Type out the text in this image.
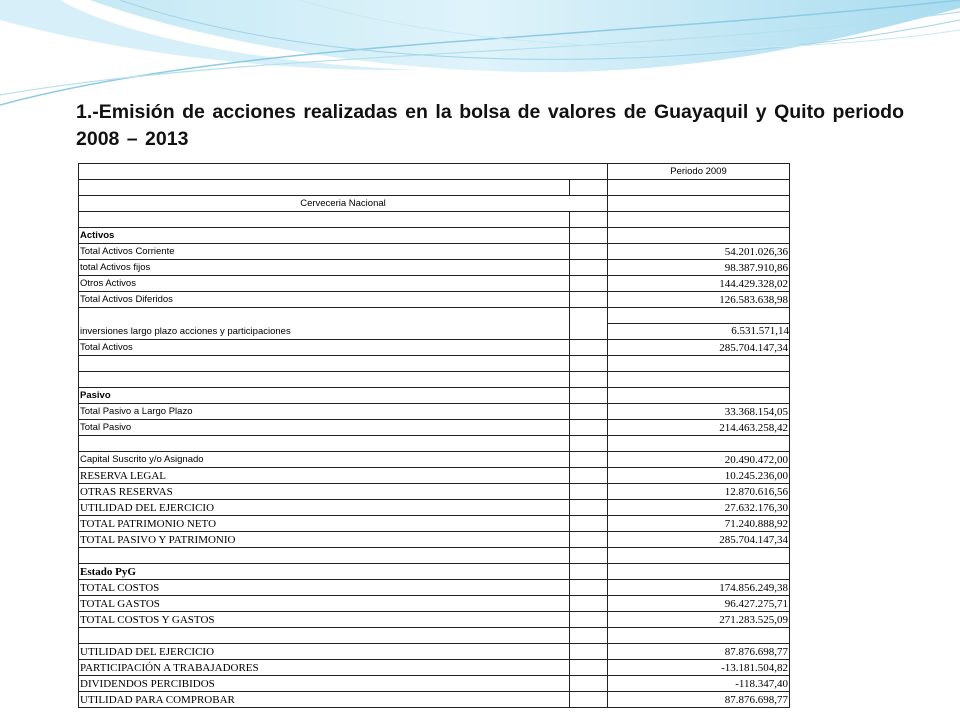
1.-Emisión de acciones realizadas en la bolsa de valores de Guayaquil y Quito periodo 2008 – 2013
		Periodo 2009

Cerveceria Nacional		

Activos		
Total Activos Corriente		54.201.026,36
total Activos fijos		98.387.910,86
Otros Activos		144.429.328,02
Total Activos Diferidos		126.583.638,98
inversiones largo plazo acciones y participaciones		6.531.571,14

Total Activos		285.704.147,34

Pasivo		
Total Pasivo a Largo Plazo		33.368.154,05
Total Pasivo		214.463.258,42

Capital Suscrito y/o Asignado		20.490.472,00
RESERVA LEGAL		10.245.236,00
OTRAS RESERVAS		12.870.616,56
UTILIDAD DEL EJERCICIO		27.632.176,30
TOTAL PATRIMONIO NETO		71.240.888,92
TOTAL PASIVO Y PATRIMONIO		285.704.147,34

Estado PyG		
TOTAL COSTOS		174.856.249,38
TOTAL GASTOS		96.427.275,71
TOTAL COSTOS Y GASTOS		271.283.525,09

UTILIDAD DEL EJERCICIO		87.876.698,77
PARTICIPACIÓN A TRABAJADORES		-13.181.504,82
DIVIDENDOS PERCIBIDOS		-118.347,40
UTILIDAD PARA COMPROBAR		87.876.698,77
